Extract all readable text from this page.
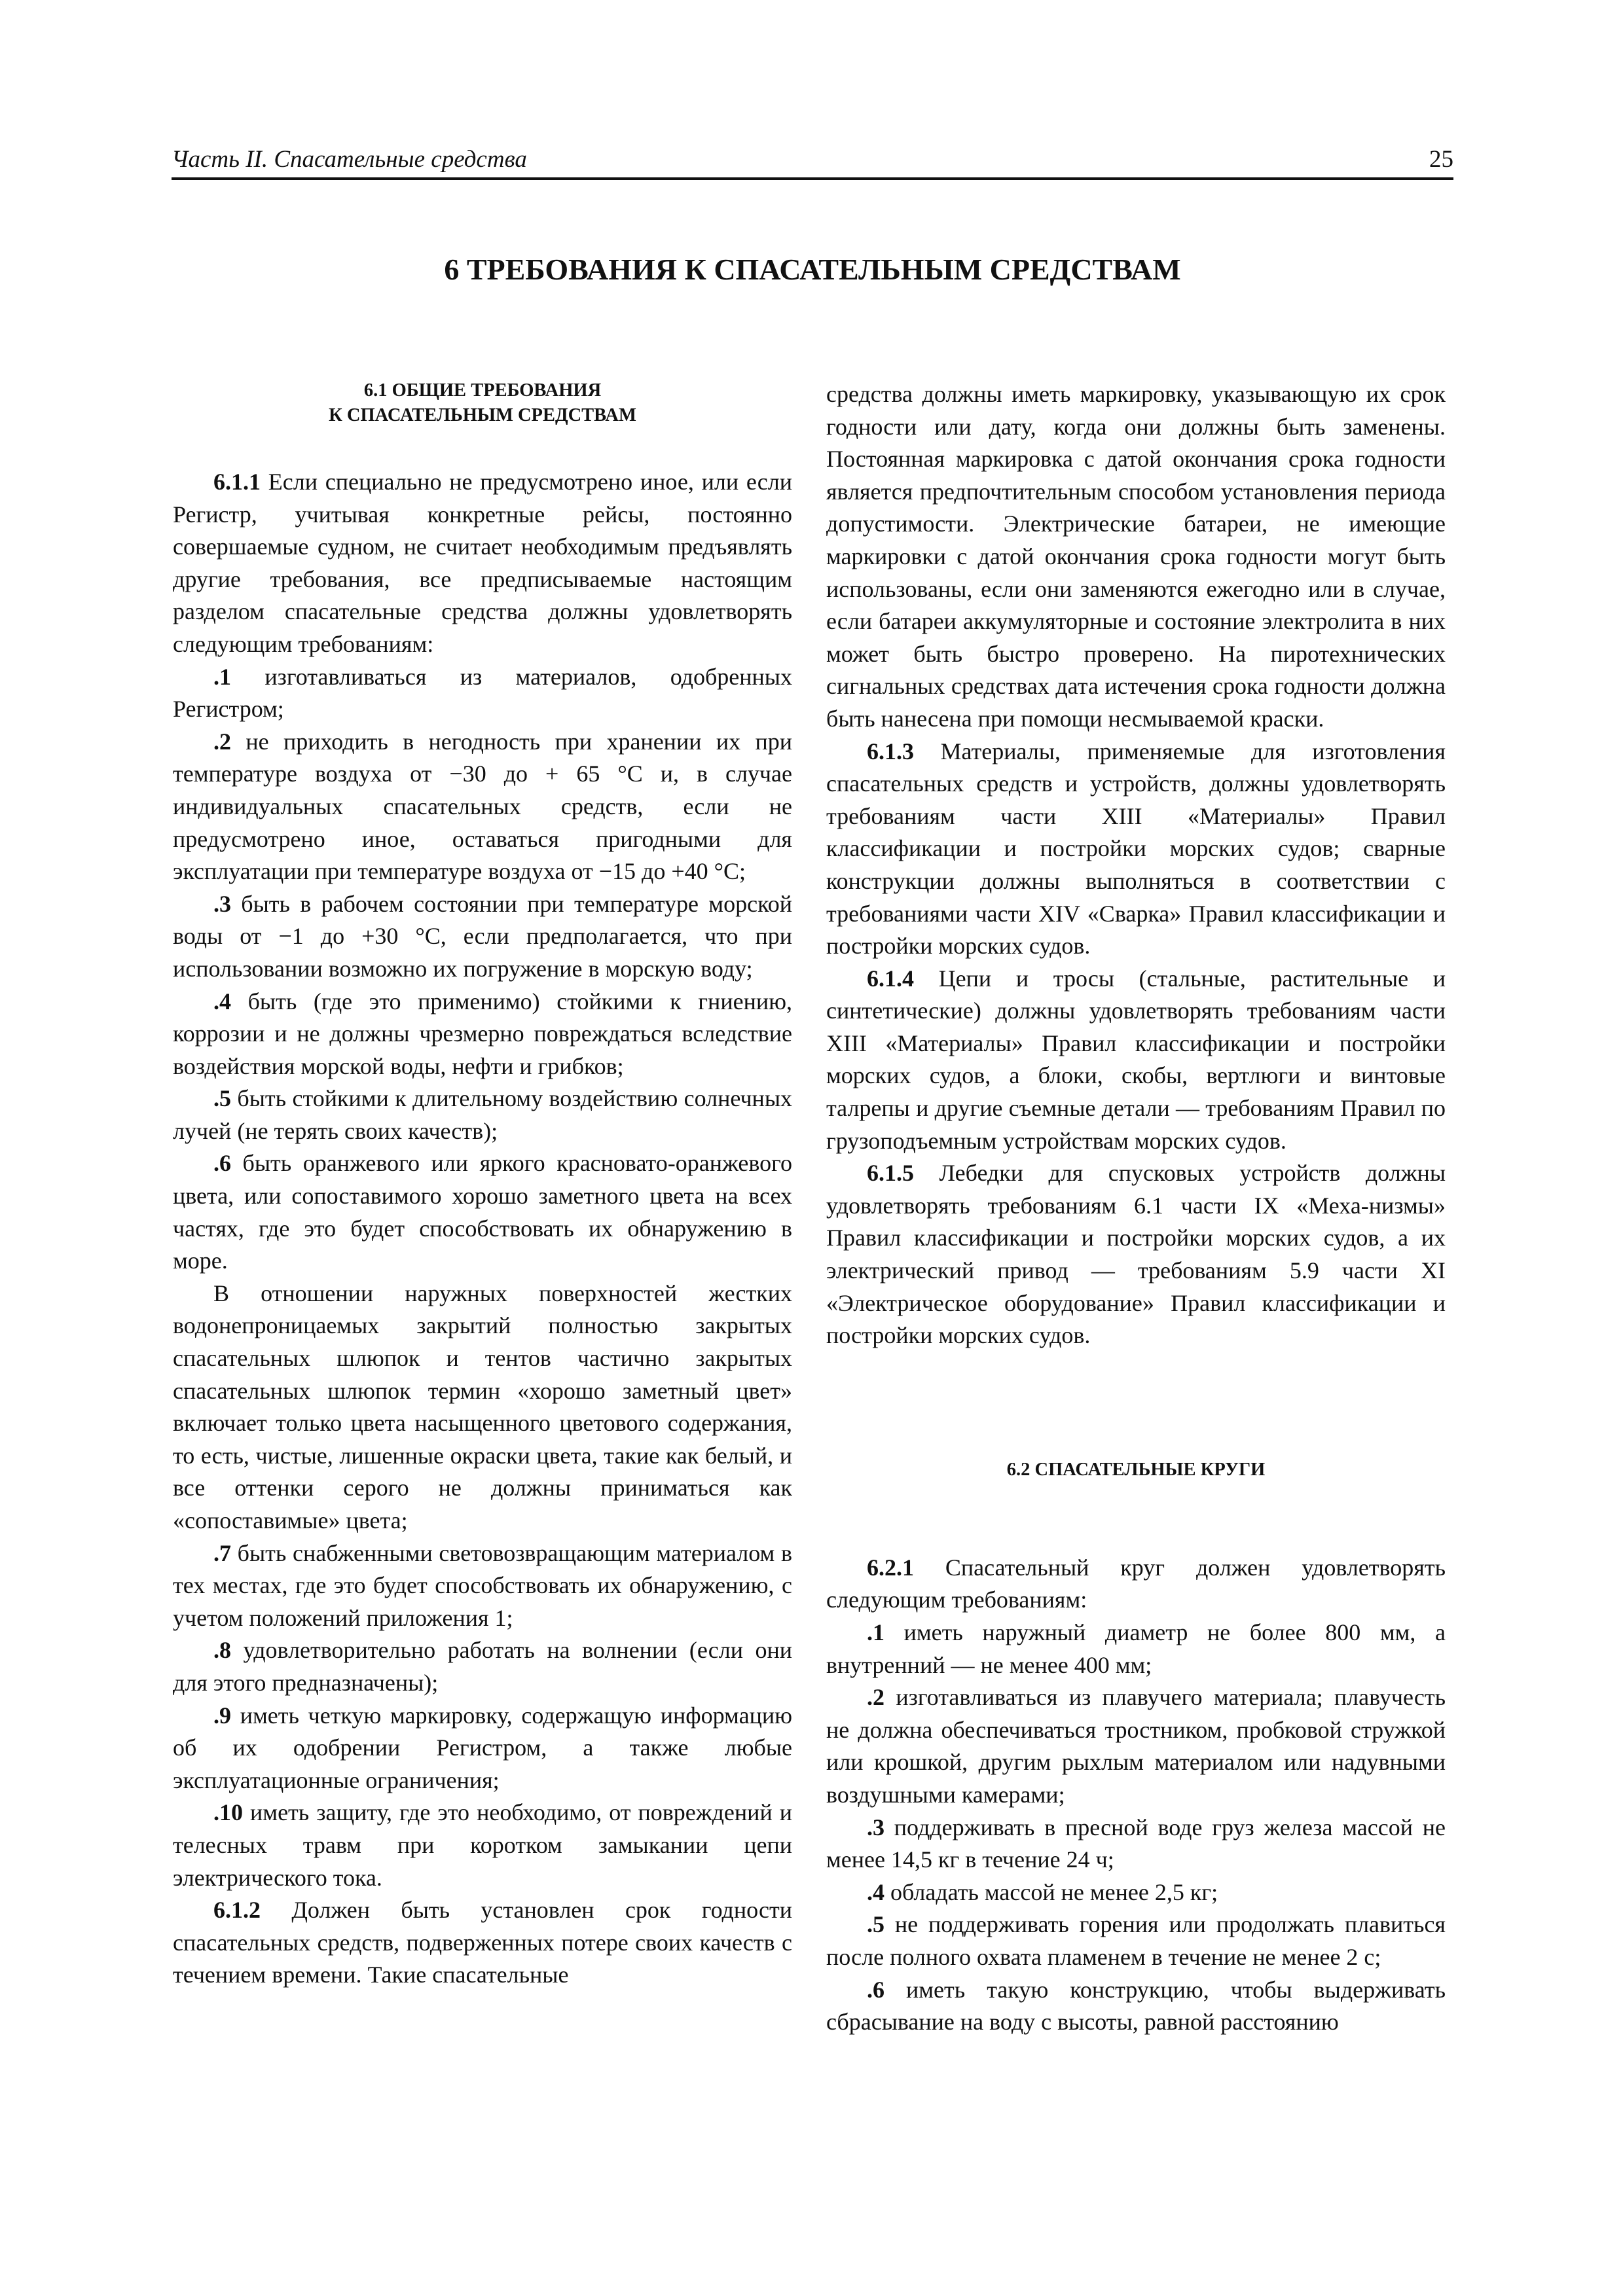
Часть II. Спасательные средства	25
6 ТРЕБОВАНИЯ К СПАСАТЕЛЬНЫМ СРЕДСТВАМ
6.1 ОБЩИЕ ТРЕБОВАНИЯ
К СПАСАТЕЛЬНЫМ СРЕДСТВАМ

6.1.1 Если специально не предусмотрено иное, или если Регистр, учитывая конкретные рейсы, постоянно совершаемые судном, не считает необходимым предъявлять другие требования, все предписываемые настоящим разделом спасательные средства должны удовлетворять следующим требованиям:

.1 изготавливаться из материалов, одобренных Регистром;

.2 не приходить в негодность при хранении их при температуре воздуха от −30 до + 65 °С и, в случае индивидуальных спасательных средств, если не предусмотрено иное, оставаться пригодными для эксплуатации при температуре воздуха от −15 до +40 °С;

.3 быть в рабочем состоянии при температуре морской воды от −1 до +30 °С, если предполагается, что при использовании возможно их погружение в морскую воду;

.4 быть (где это применимо) стойкими к гниению, коррозии и не должны чрезмерно повреждаться вследствие воздействия морской воды, нефти и грибков;

.5 быть стойкими к длительному воздействию солнечных лучей (не терять своих качеств);

.6 быть оранжевого или яркого красновато-оранжевого цвета, или сопоставимого хорошо заметного цвета на всех частях, где это будет способствовать их обнаружению в море.

В отношении наружных поверхностей жестких водонепроницаемых закрытий полностью закрытых спасательных шлюпок и тентов частично закрытых спасательных шлюпок термин «хорошо заметный цвет» включает только цвета насыщенного цветового содержания, то есть, чистые, лишенные окраски цвета, такие как белый, и все оттенки серого не должны приниматься как «сопоставимые» цвета;

.7 быть снабженными световозвращающим материалом в тех местах, где это будет способствовать их обнаружению, с учетом положений приложения 1;

.8 удовлетворительно работать на волнении (если они для этого предназначены);

.9 иметь четкую маркировку, содержащую информацию об их одобрении Регистром, а также любые эксплуатационные ограничения;

.10 иметь защиту, где это необходимо, от повреждений и телесных травм при коротком замыкании цепи электрического тока.

6.1.2 Должен быть установлен срок годности спасательных средств, подверженных потере своих качеств с течением времени. Такие спасательные

средства должны иметь маркировку, указывающую их срок годности или дату, когда они должны быть заменены. Постоянная маркировка с датой окончания срока годности является предпочтительным способом установления периода допустимости. Электрические батареи, не имеющие маркировки с датой окончания срока годности могут быть использованы, если они заменяются ежегодно или в случае, если батареи аккумуляторные и состояние электролита в них может быть быстро проверено. На пиротехнических сигнальных средствах дата истечения срока годности должна быть нанесена при помощи несмываемой краски.

6.1.3 Материалы, применяемые для изготовления спасательных средств и устройств, должны удовлетворять требованиям части XIII «Материалы» Правил классификации и постройки морских судов; сварные конструкции должны выполняться в соответствии с требованиями части XIV «Сварка» Правил классификации и постройки морских судов.

6.1.4 Цепи и тросы (стальные, растительные и синтетические) должны удовлетворять требованиям части XIII «Материалы» Правил классификации и постройки морских судов, а блоки, скобы, вертлюги и винтовые талрепы и другие съемные детали — требованиям Правил по грузоподъемным устройствам морских судов.

6.1.5 Лебедки для спусковых устройств должны удовлетворять требованиям 6.1 части IX «Меха-низмы» Правил классификации и постройки морских судов, а их электрический привод — требованиям 5.9 части XI «Электрическое оборудование» Правил классификации и постройки морских судов.

6.2 СПАСАТЕЛЬНЫЕ КРУГИ

6.2.1 Спасательный круг должен удовлетворять следующим требованиям:

.1 иметь наружный диаметр не более 800 мм, а внутренний — не менее 400 мм;

.2 изготавливаться из плавучего материала; плавучесть не должна обеспечиваться тростником, пробковой стружкой или крошкой, другим рыхлым материалом или надувными воздушными камерами;

.3 поддерживать в пресной воде груз железа массой не менее 14,5 кг в течение 24 ч;

.4 обладать массой не менее 2,5 кг;

.5 не поддерживать горения или продолжать плавиться после полного охвата пламенем в течение не менее 2 с;

.6 иметь такую конструкцию, чтобы выдерживать сбрасывание на воду с высоты, равной расстоянию
